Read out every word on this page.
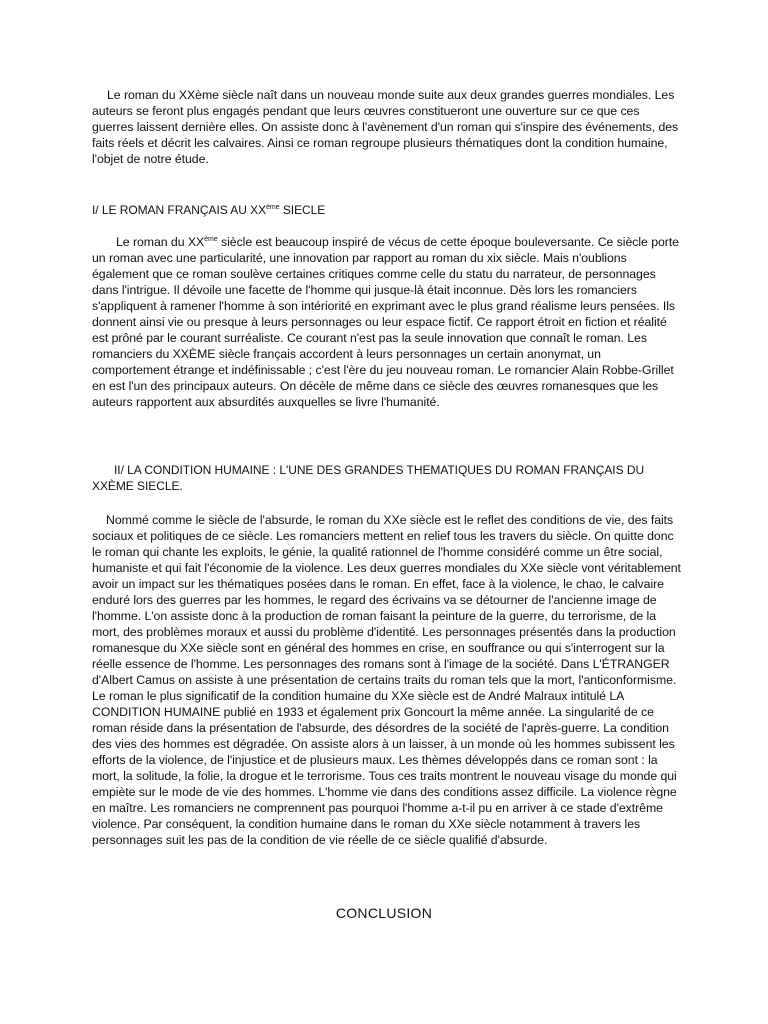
Le roman du XXème siècle naît dans un nouveau monde suite aux deux grandes guerres mondiales. Les auteurs se feront plus engagés pendant que leurs œuvres constitueront une ouverture sur ce que ces guerres laissent dernière elles. On assiste donc à l'avènement d'un roman qui s'inspire des événements, des faits réels et décrit les calvaires. Ainsi ce roman regroupe plusieurs thématiques dont la condition humaine, l'objet de notre étude.

I/ LE ROMAN FRANÇAIS AU XXème SIECLE

Le roman du XXème siècle est beaucoup inspiré de vécus de cette époque bouleversante. Ce siècle porte un roman avec une particularité, une innovation par rapport au roman du xix siècle. Mais n'oublions également que ce roman soulève certaines critiques comme celle du statu du narrateur, de personnages dans l'intrigue. Il dévoile une facette de l'homme qui jusque-là était inconnue. Dès lors les romanciers s'appliquent à ramener l'homme à son intériorité en exprimant avec le plus grand réalisme leurs pensées. Ils donnent ainsi vie ou presque à leurs personnages ou leur espace fictif. Ce rapport étroit en fiction et réalité est prôné par le courant surréaliste. Ce courant n'est pas la seule innovation que connaît le roman. Les romanciers du XXÈME siècle français accordent à leurs personnages un certain anonymat, un comportement étrange et indéfinissable ; c'est l'ère du jeu nouveau roman. Le romancier Alain Robbe-Grillet en est l'un des principaux auteurs. On décèle de même dans ce siècle des œuvres romanesques que les auteurs rapportent aux absurdités auxquelles se livre l'humanité.

II/ LA CONDITION HUMAINE : L'UNE DES GRANDES THEMATIQUES DU ROMAN FRANÇAIS DU XXÈME SIECLE.

Nommé comme le siècle de l'absurde, le roman du XXe siècle est le reflet des conditions de vie, des faits sociaux et politiques de ce siècle. Les romanciers mettent en relief tous les travers du siècle. On quitte donc le roman qui chante les exploits, le génie, la qualité rationnel de l'homme considéré comme un être social, humaniste et qui fait l'économie de la violence. Les deux guerres mondiales du XXe siècle vont véritablement avoir un impact sur les thématiques posées dans le roman. En effet, face à la violence, le chao, le calvaire enduré lors des guerres par les hommes, le regard des écrivains va se détourner de l'ancienne image de l'homme. L'on assiste donc à la production de roman faisant la peinture de la guerre, du terrorisme, de la mort, des problèmes moraux et aussi du problème d'identité. Les personnages présentés dans la production romanesque du XXe siècle sont en général des hommes en crise, en souffrance ou qui s'interrogent sur la réelle essence de l'homme. Les personnages des romans sont à l'image de la société. Dans L'ÉTRANGER d'Albert Camus on assiste à une présentation de certains traits du roman tels que la mort, l'anticonformisme. Le roman le plus significatif de la condition humaine du XXe siècle est de André Malraux intitulé LA CONDITION HUMAINE publié en 1933 et également prix Goncourt la même année. La singularité de ce roman réside dans la présentation de l'absurde, des désordres de la société de l'après-guerre. La condition des vies des hommes est dégradée. On assiste alors à un laisser, à un monde où les hommes subissent les efforts de la violence, de l'injustice et de plusieurs maux. Les thèmes développés dans ce roman sont : la mort, la solitude, la folie, la drogue et le terrorisme. Tous ces traits montrent le nouveau visage du monde qui empiète sur le mode de vie des hommes. L'homme vie dans des conditions assez difficile. La violence règne en maître. Les romanciers ne comprennent pas pourquoi l'homme a-t-il pu en arriver à ce stade d'extrême violence. Par conséquent, la condition humaine dans le roman du XXe siècle notamment à travers les personnages suit les pas de la condition de vie réelle de ce siècle qualifié d'absurde.

CONCLUSION
